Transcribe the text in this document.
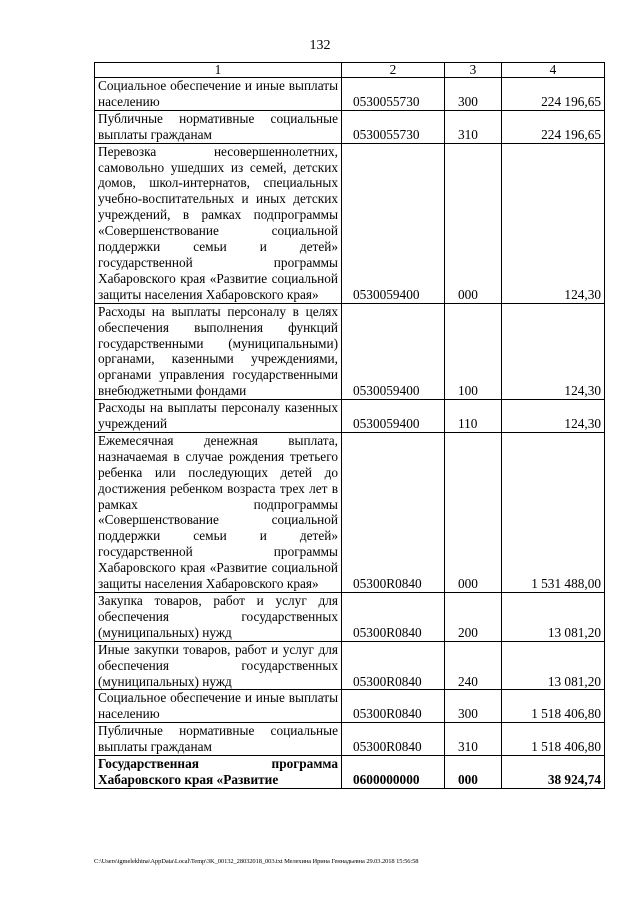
132
1	2	3	4
Социальное обеспечение и иные выплаты населению	0530055730	300	224 196,65
Публичные нормативные социальные выплаты гражданам	0530055730	310	224 196,65
Перевозка несовершеннолетних, самовольно ушедших из семей, детских домов, школ-интернатов, специальных учебно-воспитательных и иных детских учреждений, в рамках подпрограммы «Совершенствование социальной поддержки семьи и детей» государственной программы Хабаровского края «Развитие социальной защиты населения Хабаровского края»	0530059400	000	124,30
Расходы на выплаты персоналу в целях обеспечения выполнения функций государственными (муниципальными) органами, казенными учреждениями, органами управления государственными внебюджетными фондами	0530059400	100	124,30
Расходы на выплаты персоналу казенных учреждений	0530059400	110	124,30
Ежемесячная денежная выплата, назначаемая в случае рождения третьего ребенка или последующих детей до достижения ребенком возраста трех лет в рамках подпрограммы «Совершенствование социальной поддержки семьи и детей» государственной программы Хабаровского края «Развитие социальной защиты населения Хабаровского края»	05300R0840	000	1 531 488,00
Закупка товаров, работ и услуг для обеспечения государственных (муниципальных) нужд	05300R0840	200	13 081,20
Иные закупки товаров, работ и услуг для обеспечения государственных (муниципальных) нужд	05300R0840	240	13 081,20
Социальное обеспечение и иные выплаты населению	05300R0840	300	1 518 406,80
Публичные нормативные социальные выплаты гражданам	05300R0840	310	1 518 406,80
Государственная программа Хабаровского края «Развитие	0600000000	000	38 924,74
C:\Users\igmelekhina\AppData\Local\Temp\3K_00132_28032018_003.txt Мелехина Ирина Геннадьевна 29.03.2018 15:56:58
